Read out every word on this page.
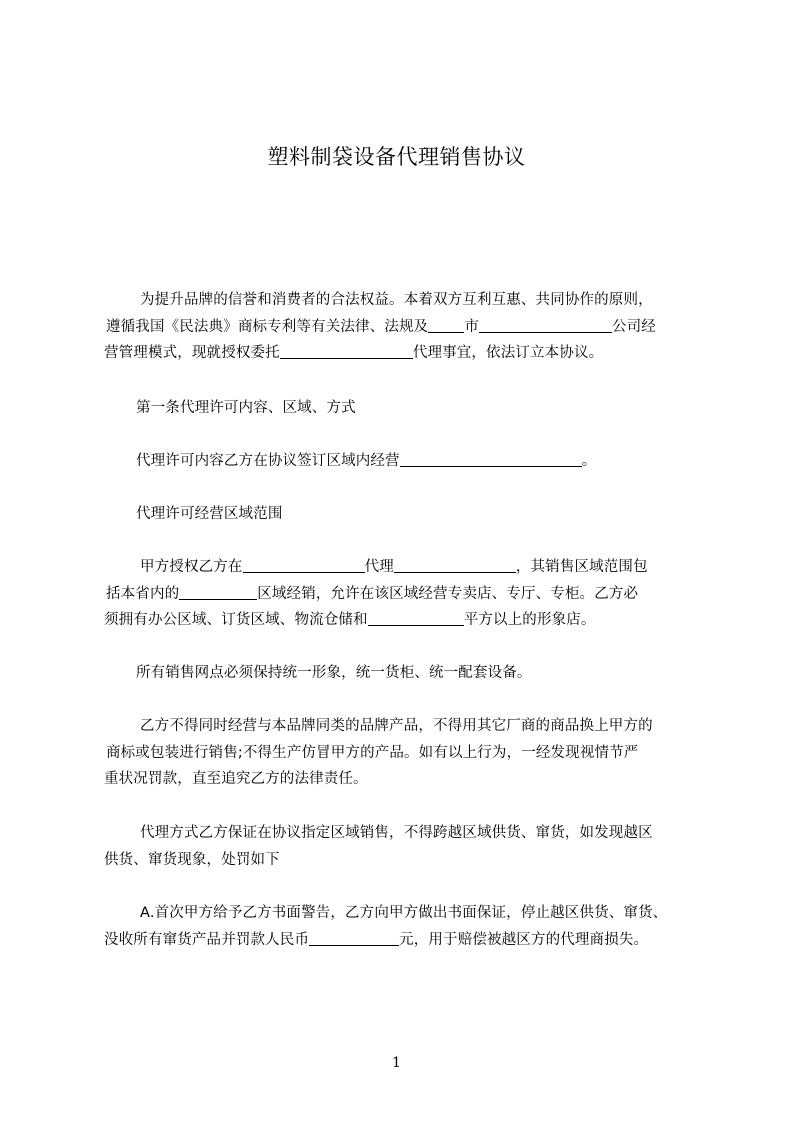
塑料制袋设备代理销售协议
为提升品牌的信誉和消费者的合法权益。本着双方互利互惠、共同协作的原则，
遵循我国《民法典》商标专利等有关法律、法规及 市	公司经
营管理模式，现就授权委托	代理事宜，依法订立本协议。
第一条代理许可内容、区域、方式
代理许可内容乙方在协议签订区域内经营	。
代理许可经营区域范围
甲方授权乙方在	代理	，其销售区域范围包
括本省内的	区域经销，允许在该区域经营专卖店、专厅、专柜。乙方必
须拥有办公区域、订货区域、物流仓储和	平方以上的形象店。
所有销售网点必须保持统一形象，统一货柜、统一配套设备。
乙方不得同时经营与本品牌同类的品牌产品，不得用其它厂商的商品换上甲方的
商标或包装进行销售;不得生产仿冒甲方的产品。如有以上行为，一经发现视情节严
重状况罚款，直至追究乙方的法律责任。
代理方式乙方保证在协议指定区域销售，不得跨越区域供货、窜货，如发现越区
供货、窜货现象，处罚如下
A.首次甲方给予乙方书面警告，乙方向甲方做出书面保证，停止越区供货、窜货、
没收所有窜货产品并罚款人民币	元，用于赔偿被越区方的代理商损失。
1
